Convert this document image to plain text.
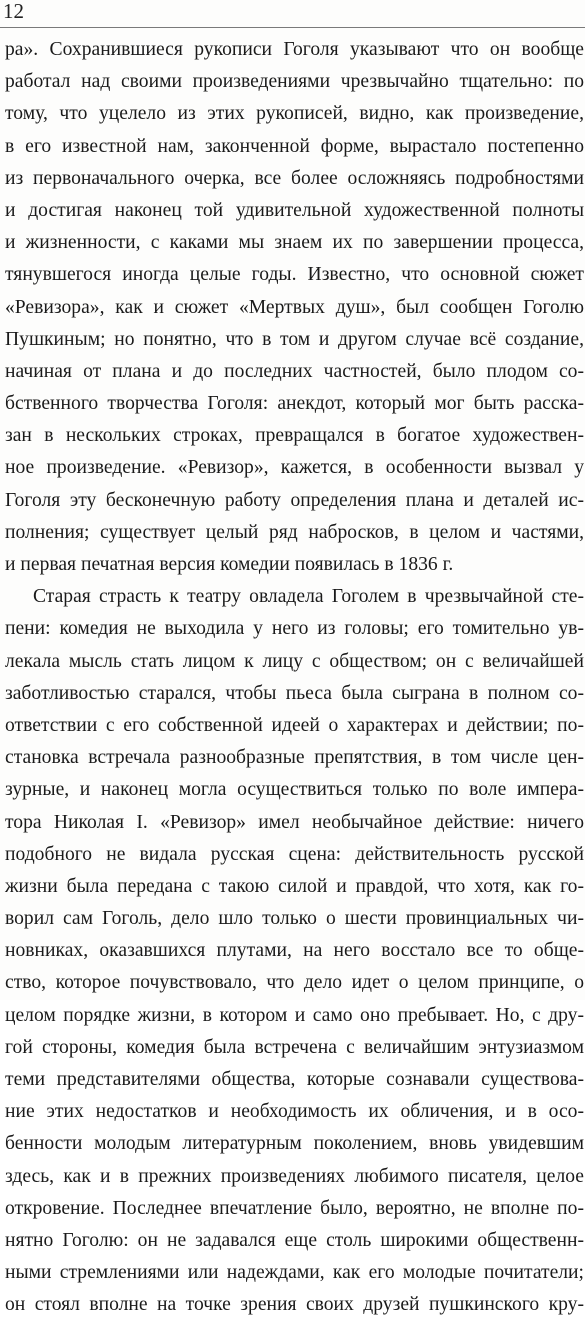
12
ра». Сохранившиеся рукописи Гоголя указывают что он вообще
работал над своими произведениями чрезвычайно тщательно: по
тому, что уцелело из этих рукописей, видно, как произведение,
в его известной нам, законченной форме, вырастало постепенно
из первоначального очерка, все более осложняясь подробностями
и достигая наконец той удивительной художественной полноты
и жизненности, с каками мы знаем их по завершении процесса,
тянувшегося иногда целые годы. Известно, что основной сюжет
«Ревизора», как и сюжет «Мертвых душ», был сообщен Гоголю
Пушкиным; но понятно, что в том и другом случае всё создание,
начиная от плана и до последних частностей, было плодом со-
бственного творчества Гоголя: анекдот, который мог быть расска-
зан в нескольких строках, превращался в богатое художествен-
ное произведение. «Ревизор», кажется, в особенности вызвал у
Гоголя эту бесконечную работу определения плана и деталей ис-
полнения; существует целый ряд набросков, в целом и частями,
и первая печатная версия комедии появилась в 1836 г.
Старая страсть к театру овладела Гоголем в чрезвычайной сте-
пени: комедия не выходила у него из головы; его томительно ув-
лекала мысль стать лицом к лицу с обществом; он с величайшей
заботливостью старался, чтобы пьеса была сыграна в полном со-
ответствии с его собственной идеей о характерах и действии; по-
становка встречала разнообразные препятствия, в том числе цен-
зурные, и наконец могла осуществиться только по воле импера-
тора Николая I. «Ревизор» имел необычайное действие: ничего
подобного не видала русская сцена: действительность русской
жизни была передана с такою силой и правдой, что хотя, как го-
ворил сам Гоголь, дело шло только о шести провинциальных чи-
новниках, оказавшихся плутами, на него восстало все то обще-
ство, которое почувствовало, что дело идет о целом принципе, о
целом порядке жизни, в котором и само оно пребывает. Но, с дру-
гой стороны, комедия была встречена с величайшим энтузиазмом
теми представителями общества, которые сознавали существова-
ние этих недостатков и необходимость их обличения, и в осо-
бенности молодым литературным поколением, вновь увидевшим
здесь, как и в прежних произведениях любимого писателя, целое
откровение. Последнее впечатление было, вероятно, не вполне по-
нятно Гоголю: он не задавался еще столь широкими общественн-
ными стремлениями или надеждами, как его молодые почитатели;
он стоял вполне на точке зрения своих друзей пушкинского кру-
